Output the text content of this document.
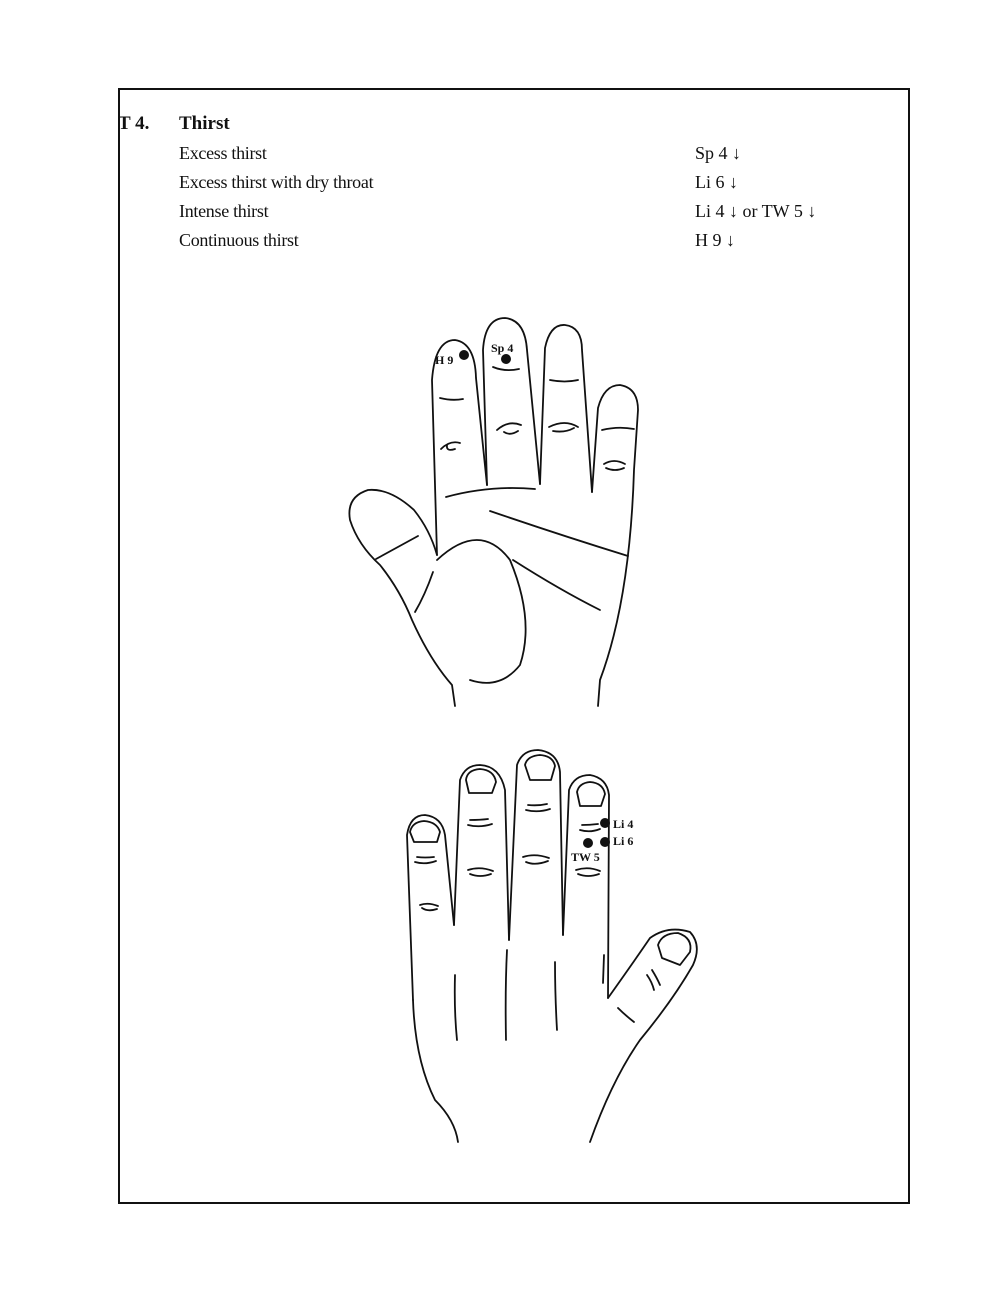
T 4. Thirst
Excess thirst	Sp 4 ↓
Excess thirst with dry throat	Li 6 ↓
Intense thirst	Li 4 ↓ or TW 5 ↓
Continuous thirst	H 9 ↓
H 9
Sp 4
Li 4
Li 6
TW 5
